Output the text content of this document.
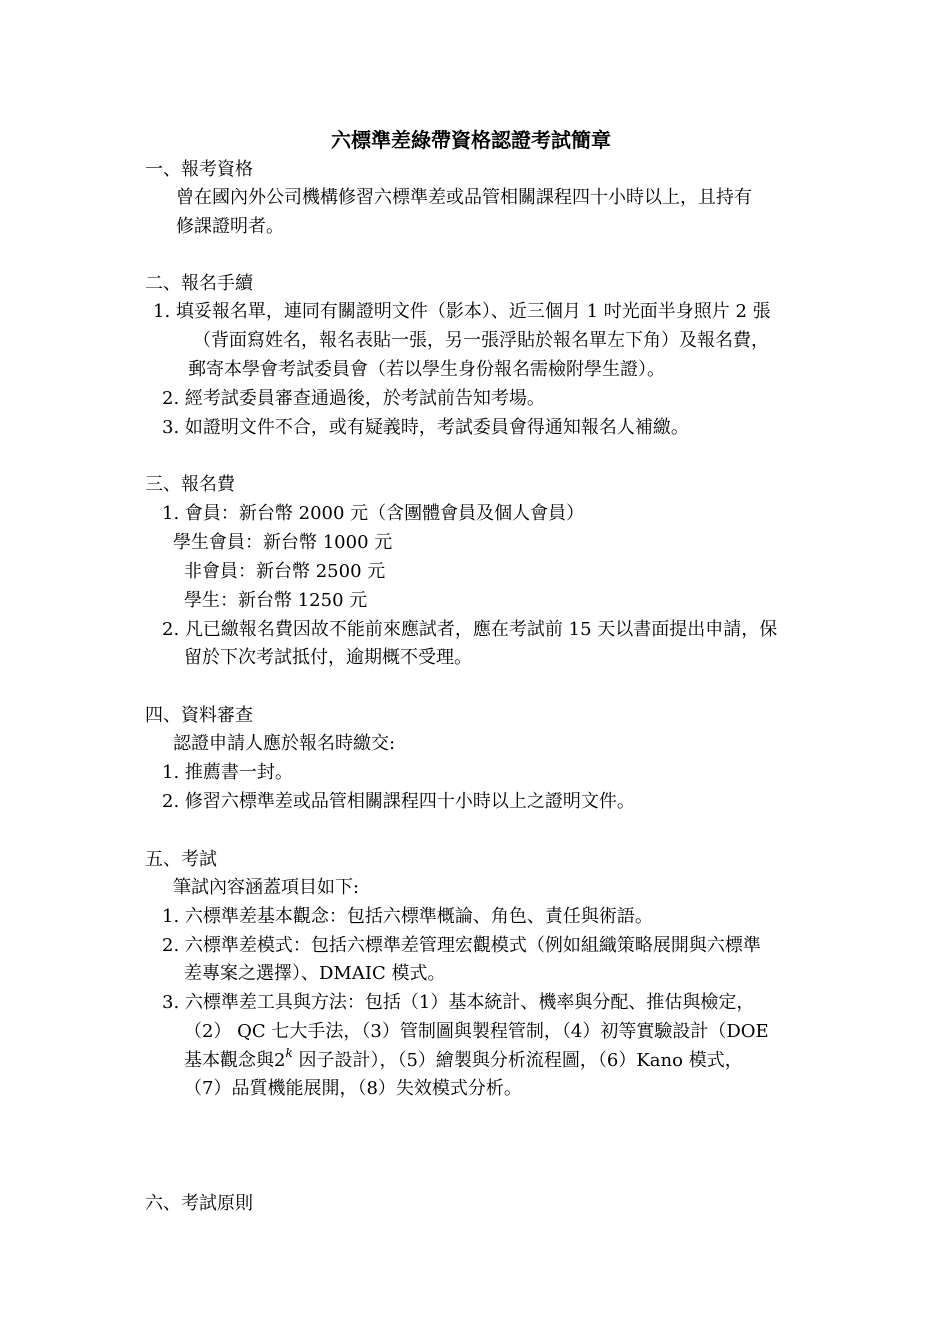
六標準差綠帶資格認證考試簡章
一、報考資格
曾在國內外公司機構修習六標準差或品管相關課程四十小時以上，且持有
修課證明者。
二、報名手續
1. 填妥報名單，連同有關證明文件（影本）、近三個月 1 吋光面半身照片 2 張
（背面寫姓名，報名表貼一張，另一張浮貼於報名單左下角）及報名費，
郵寄本學會考試委員會（若以學生身份報名需檢附學生證）。
2. 經考試委員審查通過後，於考試前告知考場。
3. 如證明文件不合，或有疑義時，考試委員會得通知報名人補繳。
三、報名費
1. 會員：新台幣 2000 元（含團體會員及個人會員）
學生會員：新台幣 1000 元
非會員：新台幣 2500 元
學生：新台幣 1250 元
2. 凡已繳報名費因故不能前來應試者，應在考試前 15 天以書面提出申請，保
留於下次考試抵付，逾期概不受理。
四、資料審查
認證申請人應於報名時繳交:
1. 推薦書一封。
2. 修習六標準差或品管相關課程四十小時以上之證明文件。
五、考試
筆試內容涵蓋項目如下:
1. 六標準差基本觀念：包括六標準概論、角色、責任與術語。
2. 六標準差模式：包括六標準差管理宏觀模式（例如組織策略展開與六標準
差專案之選擇）、DMAIC 模式。
3. 六標準差工具與方法：包括（1）基本統計、機率與分配、推估與檢定，
（2） QC 七大手法，（3）管制圖與製程管制，（4）初等實驗設計（DOE
基本觀念與2$^k$ 因子設計），（5）繪製與分析流程圖，（6）Kano 模式，
（7）品質機能展開，（8）失效模式分析。
六、考試原則
